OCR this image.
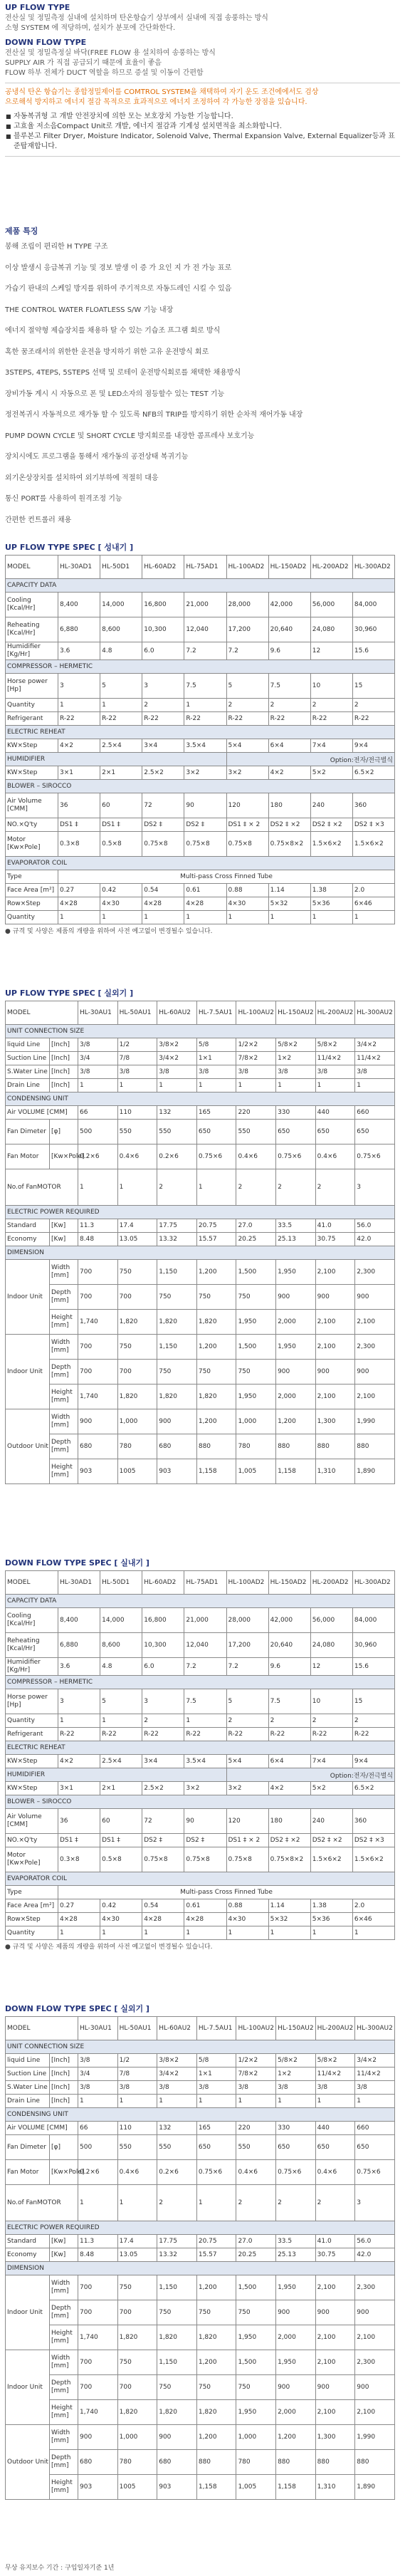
UP FLOW TYPE

전산실 및 정밀측정 실내에 설치하며 탄온항습기 상부에서 실내에 직접 송풍하는 방식

소형 SYSTEM 에 적당하며, 설치가 분포에 간단화한다.

DOWN FLOW TYPE

전산실 및 정밀측정실 바닥(FREE FLOW 용 설치하여 송풍하는 방식

SUPPLY AIR 가 직접 공급되기 때문에 효율이 좋음

FLOW 하부 전체가 DUCT 역할을 하므로 증설 및 이동이 간편함

공냉식 탄온 항습기는 종합정밀제어를 COMTROL SYSTEM을 채택하여 자기 운도 조건에에서도 검상

으로해석 방지하고 에너지 절감 목적으로 효과적으로 에너지 조정하여 각 가능한 장점을 있습니다.

■ 자동복귀형 고 개발 안전장치에 의한 모는 보호장치 가능한 기능합니다.
■ 고효율 저소음Compact Unit로 개발, 에너지 절감과 기계성 설치면적을 최소화합니다.
■ 블루본고 Filter Dryer, Moisture Indicator, Solenoid Valve, Thermal Expansion Valve, External Equalizer등과 표준탑재합니다.

제품 특징

봉해 조립이 편리한 H TYPE 구조
이상 발생시 응급복귀 기능 및 경보 발생 이 증 가 요인 지 가 전 가능 표로
가습기 판내의 스케일 방지를 위하여 주기적으로 자동드레인 시킬 수 있음
THE CONTROL WATER FLOATLESS S/W 기능 내장
에너지 절약형 제습장치를 채용하 탈 수 있는 기습조 프그램 회로 방식
혹한 꿈조래서의 위한한 운전을 방지하기 위한 고유 운전방식 회로
3STEPS, 4TEPS, 5STEPS 선택 및 로테이 운전방식회로를 채택한 채용방식
장비가동 계시 시 자동으로 폰 및 LED소자의 점등할수 있는 TEST 기능
정전복귀시 자동적으로 재가동 할 수 있도록 NFB의 TRIP를 방지하기 위한 순차적 재어가동 내장
PUMP DOWN CYCLE 및 SHORT CYCLE 방지회로를 내장한 콤프레샤 보호기능
장치시에도 프로그램을 통해서 재가동의 공전상태 복귀기능
외기온상장치를 설치하여 외기부하에 적절히 대응
통신 PORT를 사용하여 원격조정 기능
간편한 컨트롤러 채용

UP FLOW TYPE SPEC [ 성내기 ]

MODEL	HL-30AD1	HL-50D1	HL-60AD2	HL-75AD1	HL-100AD2	HL-150AD2	HL-200AD2	HL-300AD2
CAPACITY DATA								
Cooling [Kcal/Hr]	8,400	14,000	16,800	21,000	28,000	42,000	56,000	84,000
Reheating [Kcal/Hr]	6,880	8,600	10,300	12,040	17,200	20,640	24,080	30,960
Humidifier [Kg/Hr]	3.6	4.8	6.0	7.2	7.2	9.6	12	15.6
COMPRESSOR – HERMETIC								
Horse power [Hp]	3	5	3	7.5	5	7.5	10	15
Quantity	1	1	2	1	2	2	2	2
Refrigerant	R-22	R-22	R-22	R-22	R-22	R-22	R-22	R-22
ELECTRIC REHEAT								
KW×Step	4×2	2.5×4	3×4	3.5×4	5×4	6×4	7×4	9×4
HUMIDIFIER					Option:전자/전극벌식			
KW×Step	3×1	2×1	2.5×2	3×2	3×2	4×2	5×2	6.5×2
BLOWER – SIROCCO								
Air Volume [CMM]	36	60	72	90	120	180	240	360
NO.×Q'ty	DS1 ‡	DS1 ‡	DS2 ‡	DS2 ‡	DS1 ‡ × 2	DS2 ‡ ×2	DS2 ‡ ×2	DS2 ‡ ×3
Motor [Kw×Pole]	0.3×8	0.5×8	0.75×8	0.75×8	0.75×8	0.75×8×2	1.5×6×2	1.5×6×2
EVAPORATOR COIL								
Type	Multi-pass Cross Finned Tube							
Face Area [m²]	0.27	0.42	0.54	0.61	0.88	1.14	1.38	2.0
Row×Step	4×28	4×30	4×28	4×28	4×30	5×32	5×36	6×46
Quantity	1	1	1	1	1	1	1	1

● 규격 및 사양은 제품의 개량을 위하여 사전 예고없이 변경될수 있습니다.

UP FLOW TYPE SPEC [ 실외기 ]

MODEL		HL-30AU1	HL-50AU1	HL-60AU2	HL-7.5AU1	HL-100AU2	HL-150AU2	HL-200AU2	HL-300AU2
UNIT CONNECTION SIZE									
liquid Line	[Inch]	3/8	1/2	3/8×2	5/8	1/2×2	5/8×2	5/8×2	3/4×2
Suction Line	[Inch]	3/4	7/8	3/4×2	1×1	7/8×2	1×2	11/4×2	11/4×2
S.Water Line	[Inch]	3/8	3/8	3/8	3/8	3/8	3/8	3/8	3/8
Drain Line	[Inch]	1	1	1	1	1	1	1	1
CONDENSING UNIT									
Air VOLUME [CMM]		66	110	132	165	220	330	440	660
Fan Dimeter	[φ]	500	550	550	650	550	650	650	650
Fan Motor	[Kw×Pole]	0.2×6	0.4×6	0.2×6	0.75×6	0.4×6	0.75×6	0.4×6	0.75×6
No.of FanMOTOR		1	1	2	1	2	2	2	3
ELECTRIC POWER REQUIRED									
Standard	[Kw]	11.3	17.4	17.75	20.75	27.0	33.5	41.0	56.0
Economy	[Kw]	8.48	13.05	13.32	15.57	20.25	25.13	30.75	42.0
DIMENSION									
Indoor Unit	Width [mm]	700	750	1,150	1,200	1,500	1,950	2,100	2,300
	Depth [mm]	700	700	750	750	750	900	900	900
	Height [mm]	1,740	1,820	1,820	1,820	1,950	2,000	2,100	2,100
Indoor Unit	Width [mm]	700	750	1,150	1,200	1,500	1,950	2,100	2,300
	Depth [mm]	700	700	750	750	750	900	900	900
	Height [mm]	1,740	1,820	1,820	1,820	1,950	2,000	2,100	2,100
Outdoor Unit	Width [mm]	900	1,000	900	1,200	1,000	1,200	1,300	1,990
	Depth [mm]	680	780	680	880	780	880	880	880
	Height [mm]	903	1005	903	1,158	1,005	1,158	1,310	1,890

DOWN FLOW TYPE SPEC [ 실내기 ]

MODEL	HL-30AD1	HL-50D1	HL-60AD2	HL-75AD1	HL-100AD2	HL-150AD2	HL-200AD2	HL-300AD2
CAPACITY DATA								
Cooling [Kcal/Hr]	8,400	14,000	16,800	21,000	28,000	42,000	56,000	84,000
Reheating [Kcal/Hr]	6,880	8,600	10,300	12,040	17,200	20,640	24,080	30,960
Humidifier [Kg/Hr]	3.6	4.8	6.0	7.2	7.2	9.6	12	15.6
COMPRESSOR – HERMETIC								
Horse power [Hp]	3	5	3	7.5	5	7.5	10	15
Quantity	1	1	2	1	2	2	2	2
Refrigerant	R-22	R-22	R-22	R-22	R-22	R-22	R-22	R-22
ELECTRIC REHEAT								
KW×Step	4×2	2.5×4	3×4	3.5×4	5×4	6×4	7×4	9×4
HUMIDIFIER					Option:전자/전극벌식			
KW×Step	3×1	2×1	2.5×2	3×2	3×2	4×2	5×2	6.5×2
BLOWER – SIROCCO								
Air Volume [CMM]	36	60	72	90	120	180	240	360
NO.×Q'ty	DS1 ‡	DS1 ‡	DS2 ‡	DS2 ‡	DS1 ‡ × 2	DS2 ‡ ×2	DS2 ‡ ×2	DS2 ‡ ×3
Motor [Kw×Pole]	0.3×8	0.5×8	0.75×8	0.75×8	0.75×8	0.75×8×2	1.5×6×2	1.5×6×2
EVAPORATOR COIL								
Type	Multi-pass Cross Finned Tube							
Face Area [m²]	0.27	0.42	0.54	0.61	0.88	1.14	1.38	2.0
Row×Step	4×28	4×30	4×28	4×28	4×30	5×32	5×36	6×46
Quantity	1	1	1	1	1	1	1	1

● 규격 및 사양은 제품의 개량을 위하여 사전 예고없이 변경될수 있습니다.

DOWN FLOW TYPE SPEC [ 실외기 ]

MODEL		HL-30AU1	HL-50AU1	HL-60AU2	HL-7.5AU1	HL-100AU2	HL-150AU2	HL-200AU2	HL-300AU2
UNIT CONNECTION SIZE									
liquid Line	[Inch]	3/8	1/2	3/8×2	5/8	1/2×2	5/8×2	5/8×2	3/4×2
Suction Line	[Inch]	3/4	7/8	3/4×2	1×1	7/8×2	1×2	11/4×2	11/4×2
S.Water Line	[Inch]	3/8	3/8	3/8	3/8	3/8	3/8	3/8	3/8
Drain Line	[Inch]	1	1	1	1	1	1	1	1
CONDENSING UNIT									
Air VOLUME [CMM]		66	110	132	165	220	330	440	660
Fan Dimeter	[φ]	500	550	550	650	550	650	650	650
Fan Motor	[Kw×Pole]	0.2×6	0.4×6	0.2×6	0.75×6	0.4×6	0.75×6	0.4×6	0.75×6
No.of FanMOTOR		1	1	2	1	2	2	2	3
ELECTRIC POWER REQUIRED									
Standard	[Kw]	11.3	17.4	17.75	20.75	27.0	33.5	41.0	56.0
Economy	[Kw]	8.48	13.05	13.32	15.57	20.25	25.13	30.75	42.0
DIMENSION									
Indoor Unit	Width [mm]	700	750	1,150	1,200	1,500	1,950	2,100	2,300
	Depth [mm]	700	700	750	750	750	900	900	900
	Height [mm]	1,740	1,820	1,820	1,820	1,950	2,000	2,100	2,100
Indoor Unit	Width [mm]	700	750	1,150	1,200	1,500	1,950	2,100	2,300
	Depth [mm]	700	700	750	750	750	900	900	900
	Height [mm]	1,740	1,820	1,820	1,820	1,950	2,000	2,100	2,100
Outdoor Unit	Width [mm]	900	1,000	900	1,200	1,000	1,200	1,300	1,990
	Depth [mm]	680	780	680	880	780	880	880	880
	Height [mm]	903	1005	903	1,158	1,005	1,158	1,310	1,890

무상 유지보수 기간 : 구입일자기준 1년
